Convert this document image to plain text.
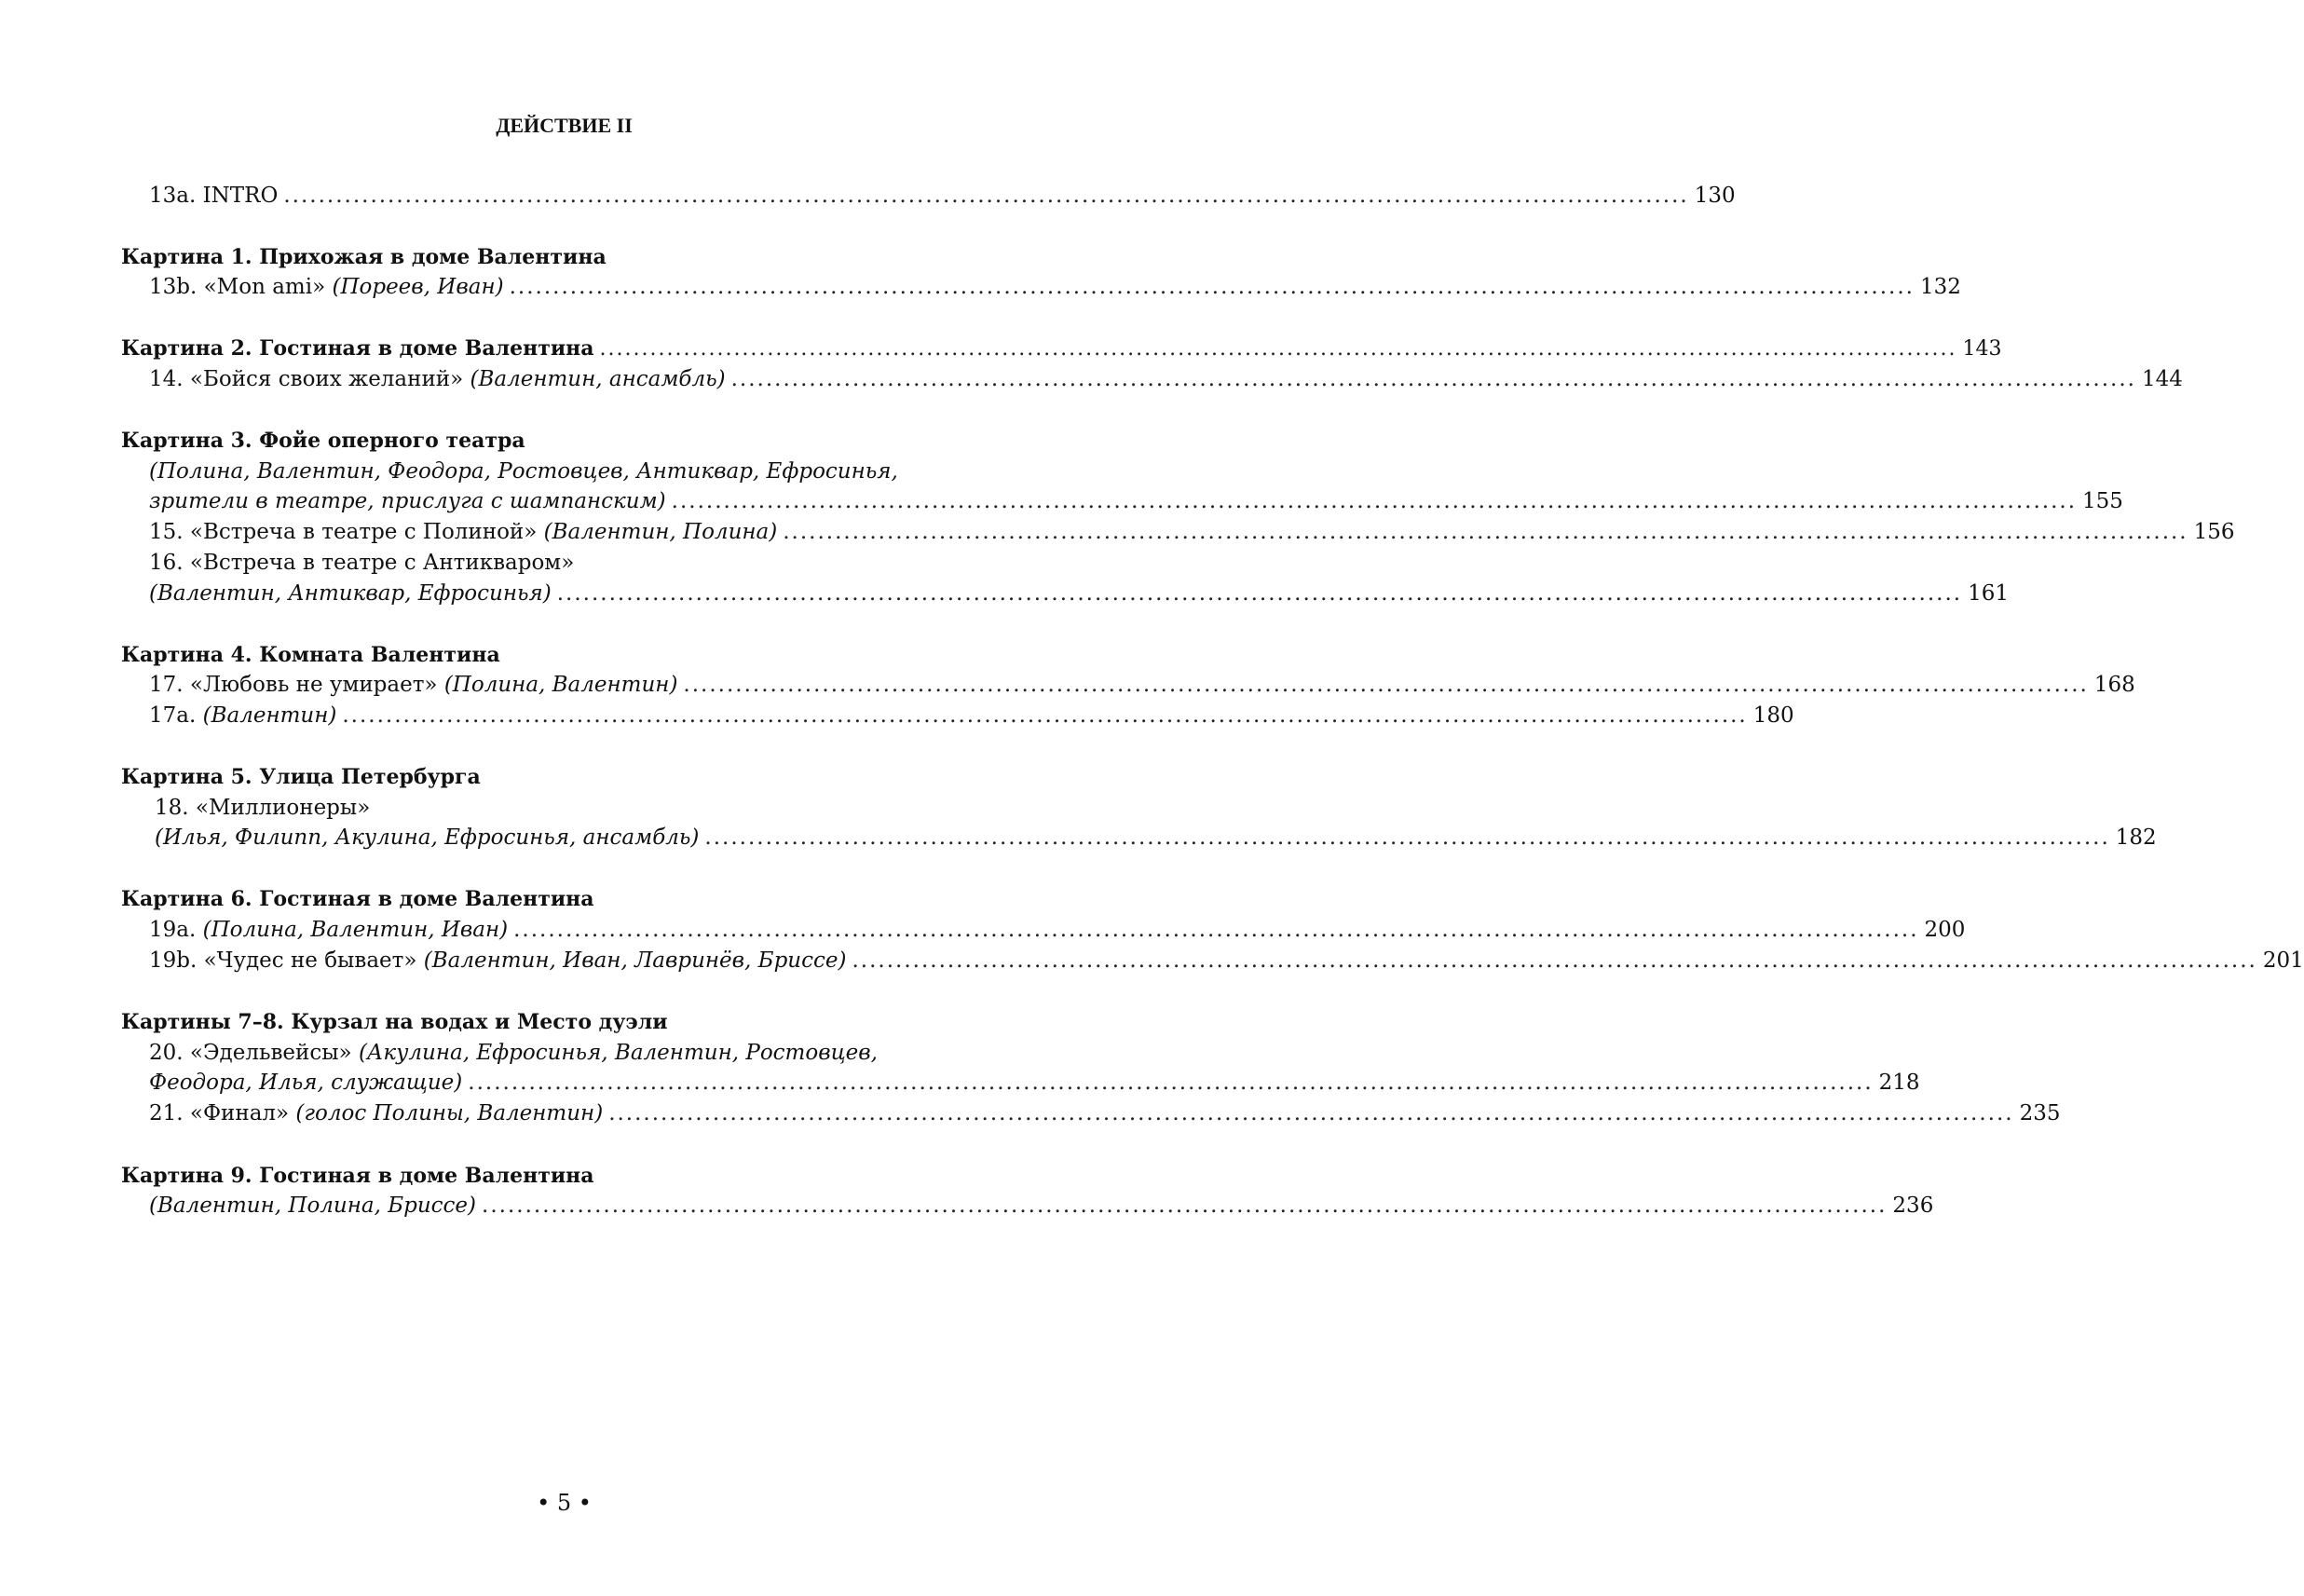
ДЕЙСТВИЕ II
13а. INTRO .................................................................................................................................................................. 130
Картина 1. Прихожая в доме Валентина
13b. «Mon ami» (Пореев, Иван) .................................................................................................................................................................. 132
Картина 2. Гостиная в доме Валентина .................................................................................................................................................................. 143
14. «Бойся своих желаний» (Валентин, ансамбль) .................................................................................................................................................................. 144
Картина 3. Фойе оперного театра
(Полина, Валентин, Феодора, Ростовцев, Антиквар, Ефросинья,
зрители в театре, прислуга с шампанским) .................................................................................................................................................................. 155
15. «Встреча в театре с Полиной» (Валентин, Полина) .................................................................................................................................................................. 156
16. «Встреча в театре с Антикваром»
(Валентин, Антиквар, Ефросинья) .................................................................................................................................................................. 161
Картина 4. Комната Валентина
17. «Любовь не умирает» (Полина, Валентин) .................................................................................................................................................................. 168
17а. (Валентин) .................................................................................................................................................................. 180
Картина 5. Улица Петербурга
18. «Миллионеры»
(Илья, Филипп, Акулина, Ефросинья, ансамбль) .................................................................................................................................................................. 182
Картина 6. Гостиная в доме Валентина
19а. (Полина, Валентин, Иван) .................................................................................................................................................................. 200
19b. «Чудес не бывает» (Валентин, Иван, Лавринёв, Бриссе) .................................................................................................................................................................. 201
Картины 7–8. Курзал на водах и Место дуэли
20. «Эдельвейсы» (Акулина, Ефросинья, Валентин, Ростовцев,
Феодора, Илья, служащие) .................................................................................................................................................................. 218
21. «Финал» (голос Полины, Валентин) .................................................................................................................................................................. 235
Картина 9. Гостиная в доме Валентина
(Валентин, Полина, Бриссе) .................................................................................................................................................................. 236
• 5 •
